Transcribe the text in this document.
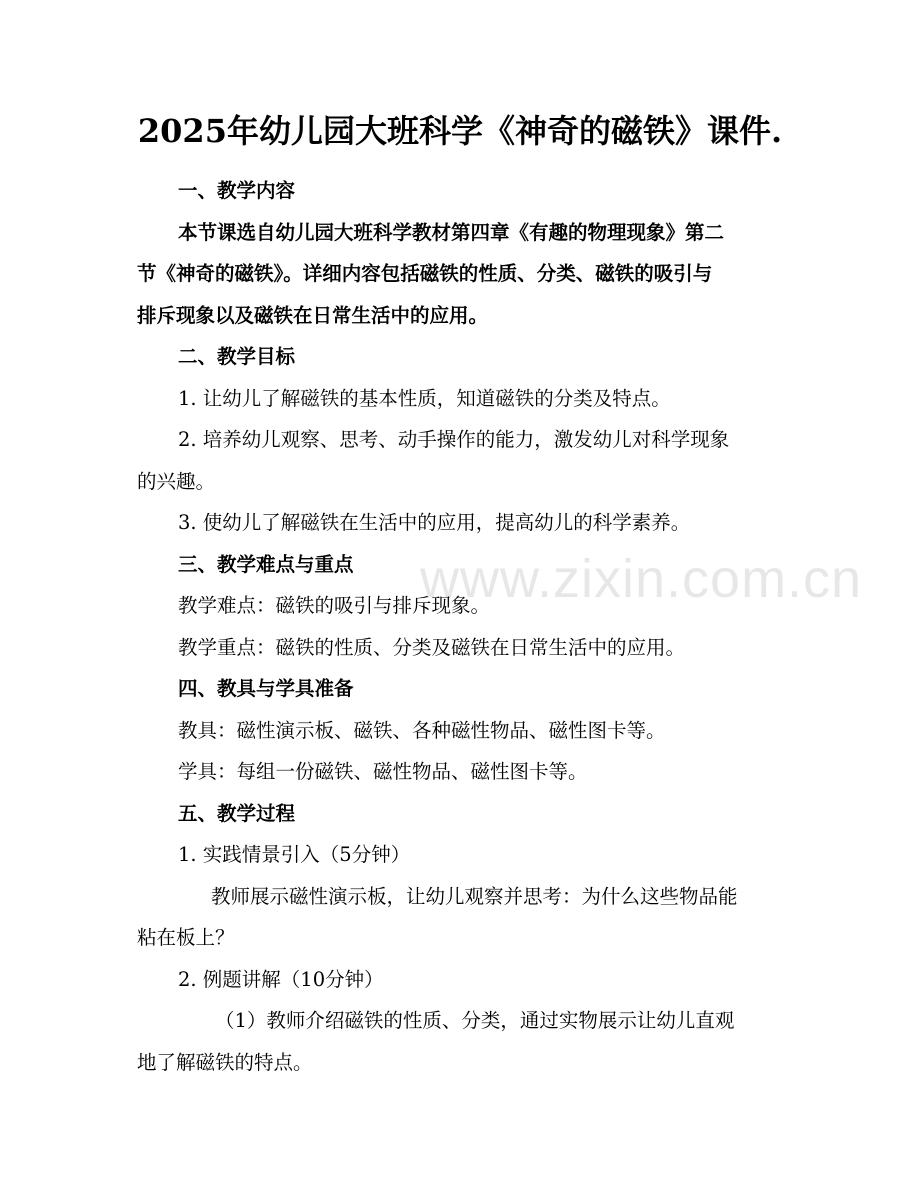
2025年幼儿园大班科学《神奇的磁铁》课件.
一、教学内容
本节课选自幼儿园大班科学教材第四章《有趣的物理现象》第二
节《神奇的磁铁》。详细内容包括磁铁的性质、分类、磁铁的吸引与
排斥现象以及磁铁在日常生活中的应用。
二、教学目标
1. 让幼儿了解磁铁的基本性质，知道磁铁的分类及特点。
2. 培养幼儿观察、思考、动手操作的能力，激发幼儿对科学现象
的兴趣。
3. 使幼儿了解磁铁在生活中的应用，提高幼儿的科学素养。
三、教学难点与重点
教学难点：磁铁的吸引与排斥现象。
教学重点：磁铁的性质、分类及磁铁在日常生活中的应用。
四、教具与学具准备
教具：磁性演示板、磁铁、各种磁性物品、磁性图卡等。
学具：每组一份磁铁、磁性物品、磁性图卡等。
五、教学过程
1. 实践情景引入（5分钟）
教师展示磁性演示板，让幼儿观察并思考：为什么这些物品能
粘在板上？
2. 例题讲解（10分钟）
（1）教师介绍磁铁的性质、分类，通过实物展示让幼儿直观
地了解磁铁的特点。
www.zixin.com.cn
